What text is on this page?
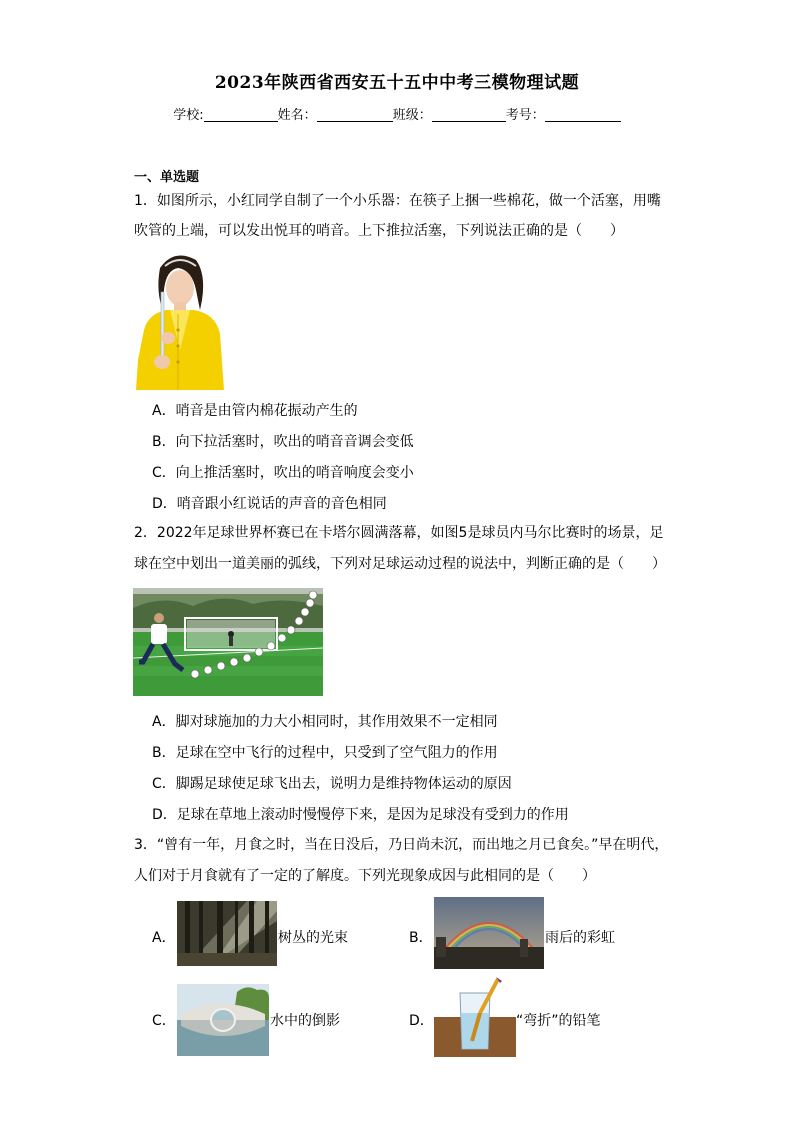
2023年陕西省西安五十五中中考三模物理试题
学校:	姓名：	班级：	考号：
一、单选题
1．如图所示，小红同学自制了一个小乐器：在筷子上捆一些棉花，做一个活塞，用嘴
吹管的上端，可以发出悦耳的哨音。上下推拉活塞，下列说法正确的是（　　）
A．哨音是由管内棉花振动产生的
B．向下拉活塞时，吹出的哨音音调会变低
C．向上推活塞时，吹出的哨音响度会变小
D．哨音跟小红说话的声音的音色相同
2．2022年足球世界杯赛已在卡塔尔圆满落幕，如图5是球员内马尔比赛时的场景，足
球在空中划出一道美丽的弧线，下列对足球运动过程的说法中，判断正确的是（　　）
A．脚对球施加的力大小相同时，其作用效果不一定相同
B．足球在空中飞行的过程中，只受到了空气阻力的作用
C．脚踢足球使足球飞出去，说明力是维持物体运动的原因
D．足球在草地上滚动时慢慢停下来，是因为足球没有受到力的作用
3．“曾有一年，月食之时，当在日没后，乃日尚未沉，而出地之月已食矣。”早在明代，
人们对于月食就有了一定的了解度。下列光现象成因与此相同的是（　　）
A．	树丛的光束	B．	雨后的彩虹
C．	水中的倒影	D．	“弯折”的铅笔
